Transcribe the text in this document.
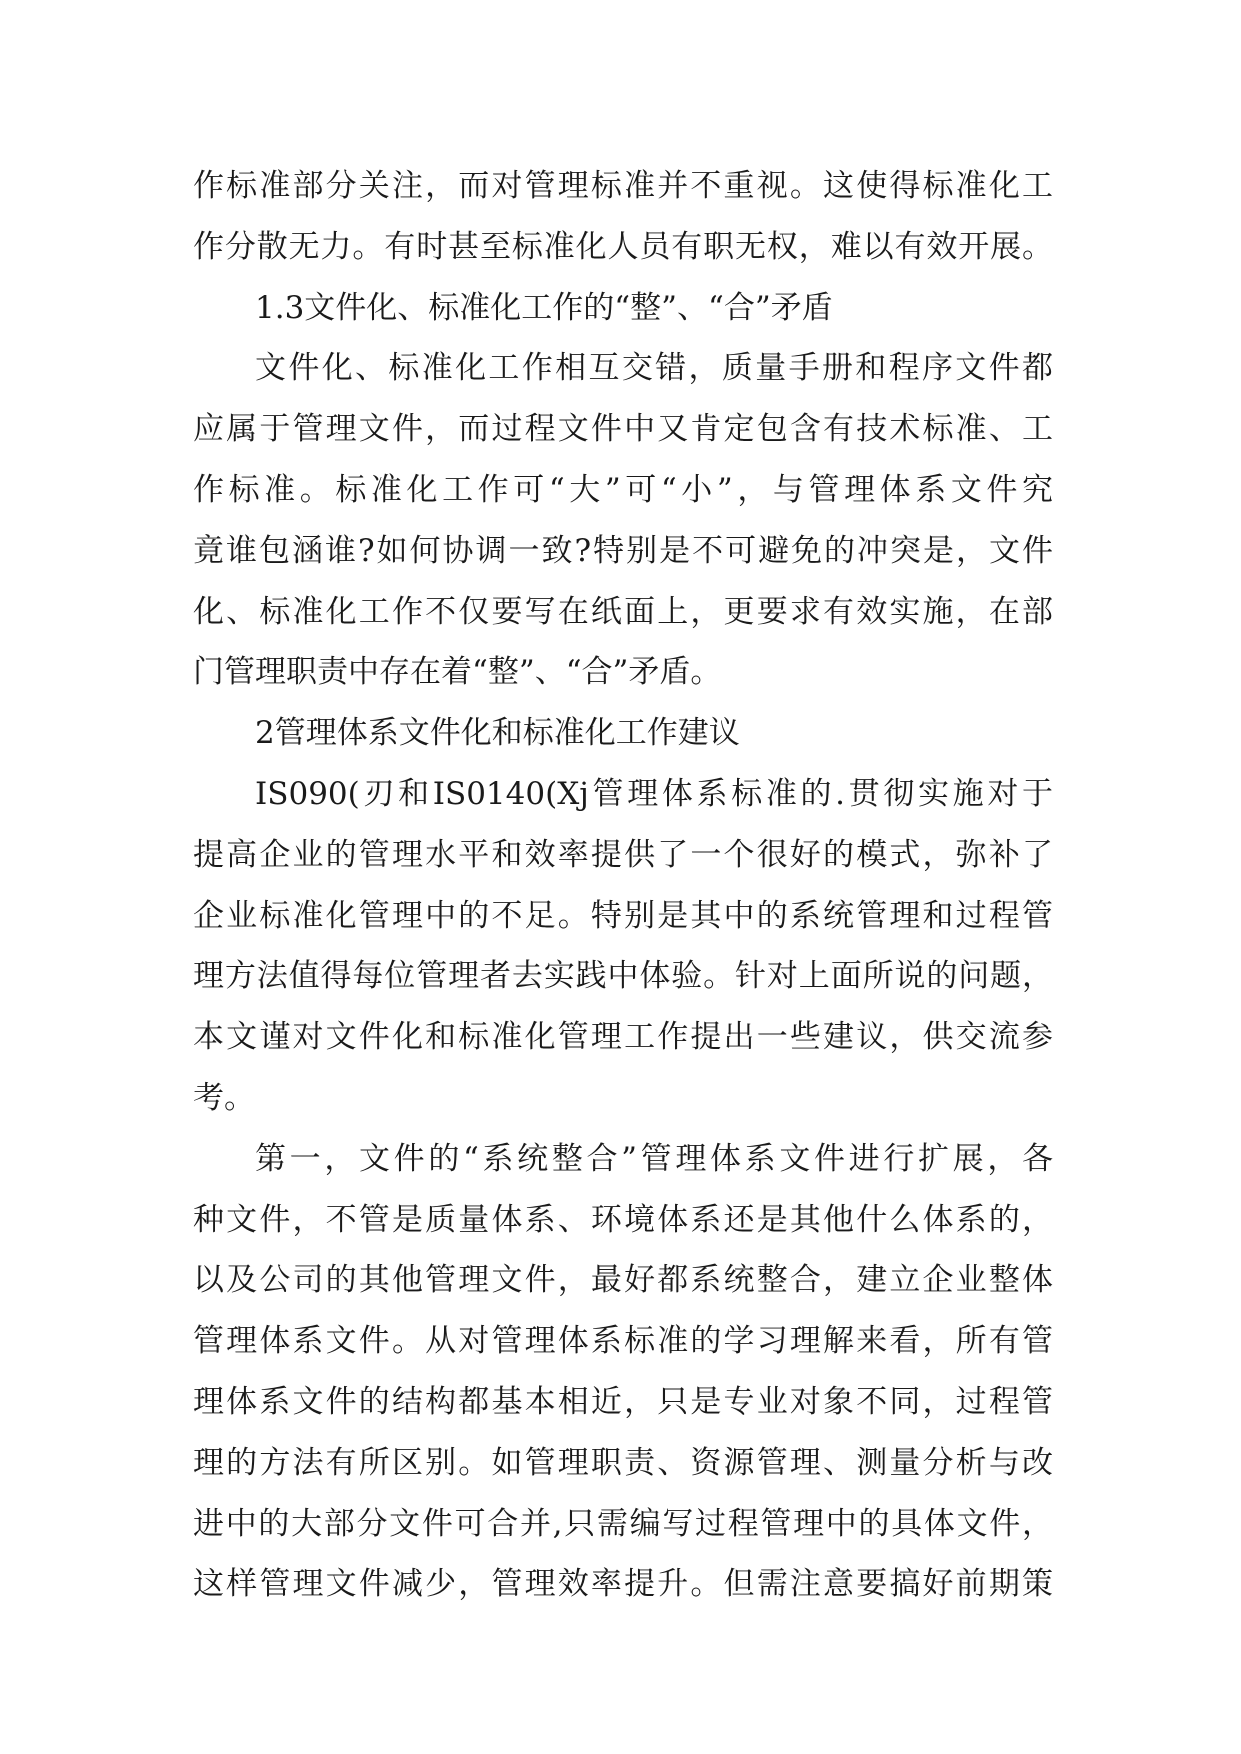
作标准部分关注，而对管理标准并不重视。这使得标准化工
作分散无力。有时甚至标准化人员有职无权，难以有效开展。
1.3文件化、标准化工作的“整”、“合”矛盾
文件化、标准化工作相互交错，质量手册和程序文件都
应属于管理文件，而过程文件中又肯定包含有技术标准、工
作标准。标准化工作可“大”可“小”，与管理体系文件究
竟谁包涵谁?如何协调一致?特别是不可避免的冲突是，文件
化、标准化工作不仅要写在纸面上，更要求有效实施，在部
门管理职责中存在着“整”、“合”矛盾。
2管理体系文件化和标准化工作建议
IS090(刃和IS0140(Xj管理体系标准的.贯彻实施对于
提高企业的管理水平和效率提供了一个很好的模式，弥补了
企业标准化管理中的不足。特别是其中的系统管理和过程管
理方法值得每位管理者去实践中体验。针对上面所说的问题，
本文谨对文件化和标准化管理工作提出一些建议，供交流参
考。
第一，文件的“系统整合”管理体系文件进行扩展，各
种文件，不管是质量体系、环境体系还是其他什么体系的，
以及公司的其他管理文件，最好都系统整合，建立企业整体
管理体系文件。从对管理体系标准的学习理解来看，所有管
理体系文件的结构都基本相近，只是专业对象不同，过程管
理的方法有所区别。如管理职责、资源管理、测量分析与改
进中的大部分文件可合并,只需编写过程管理中的具体文件，
这样管理文件减少，管理效率提升。但需注意要搞好前期策
